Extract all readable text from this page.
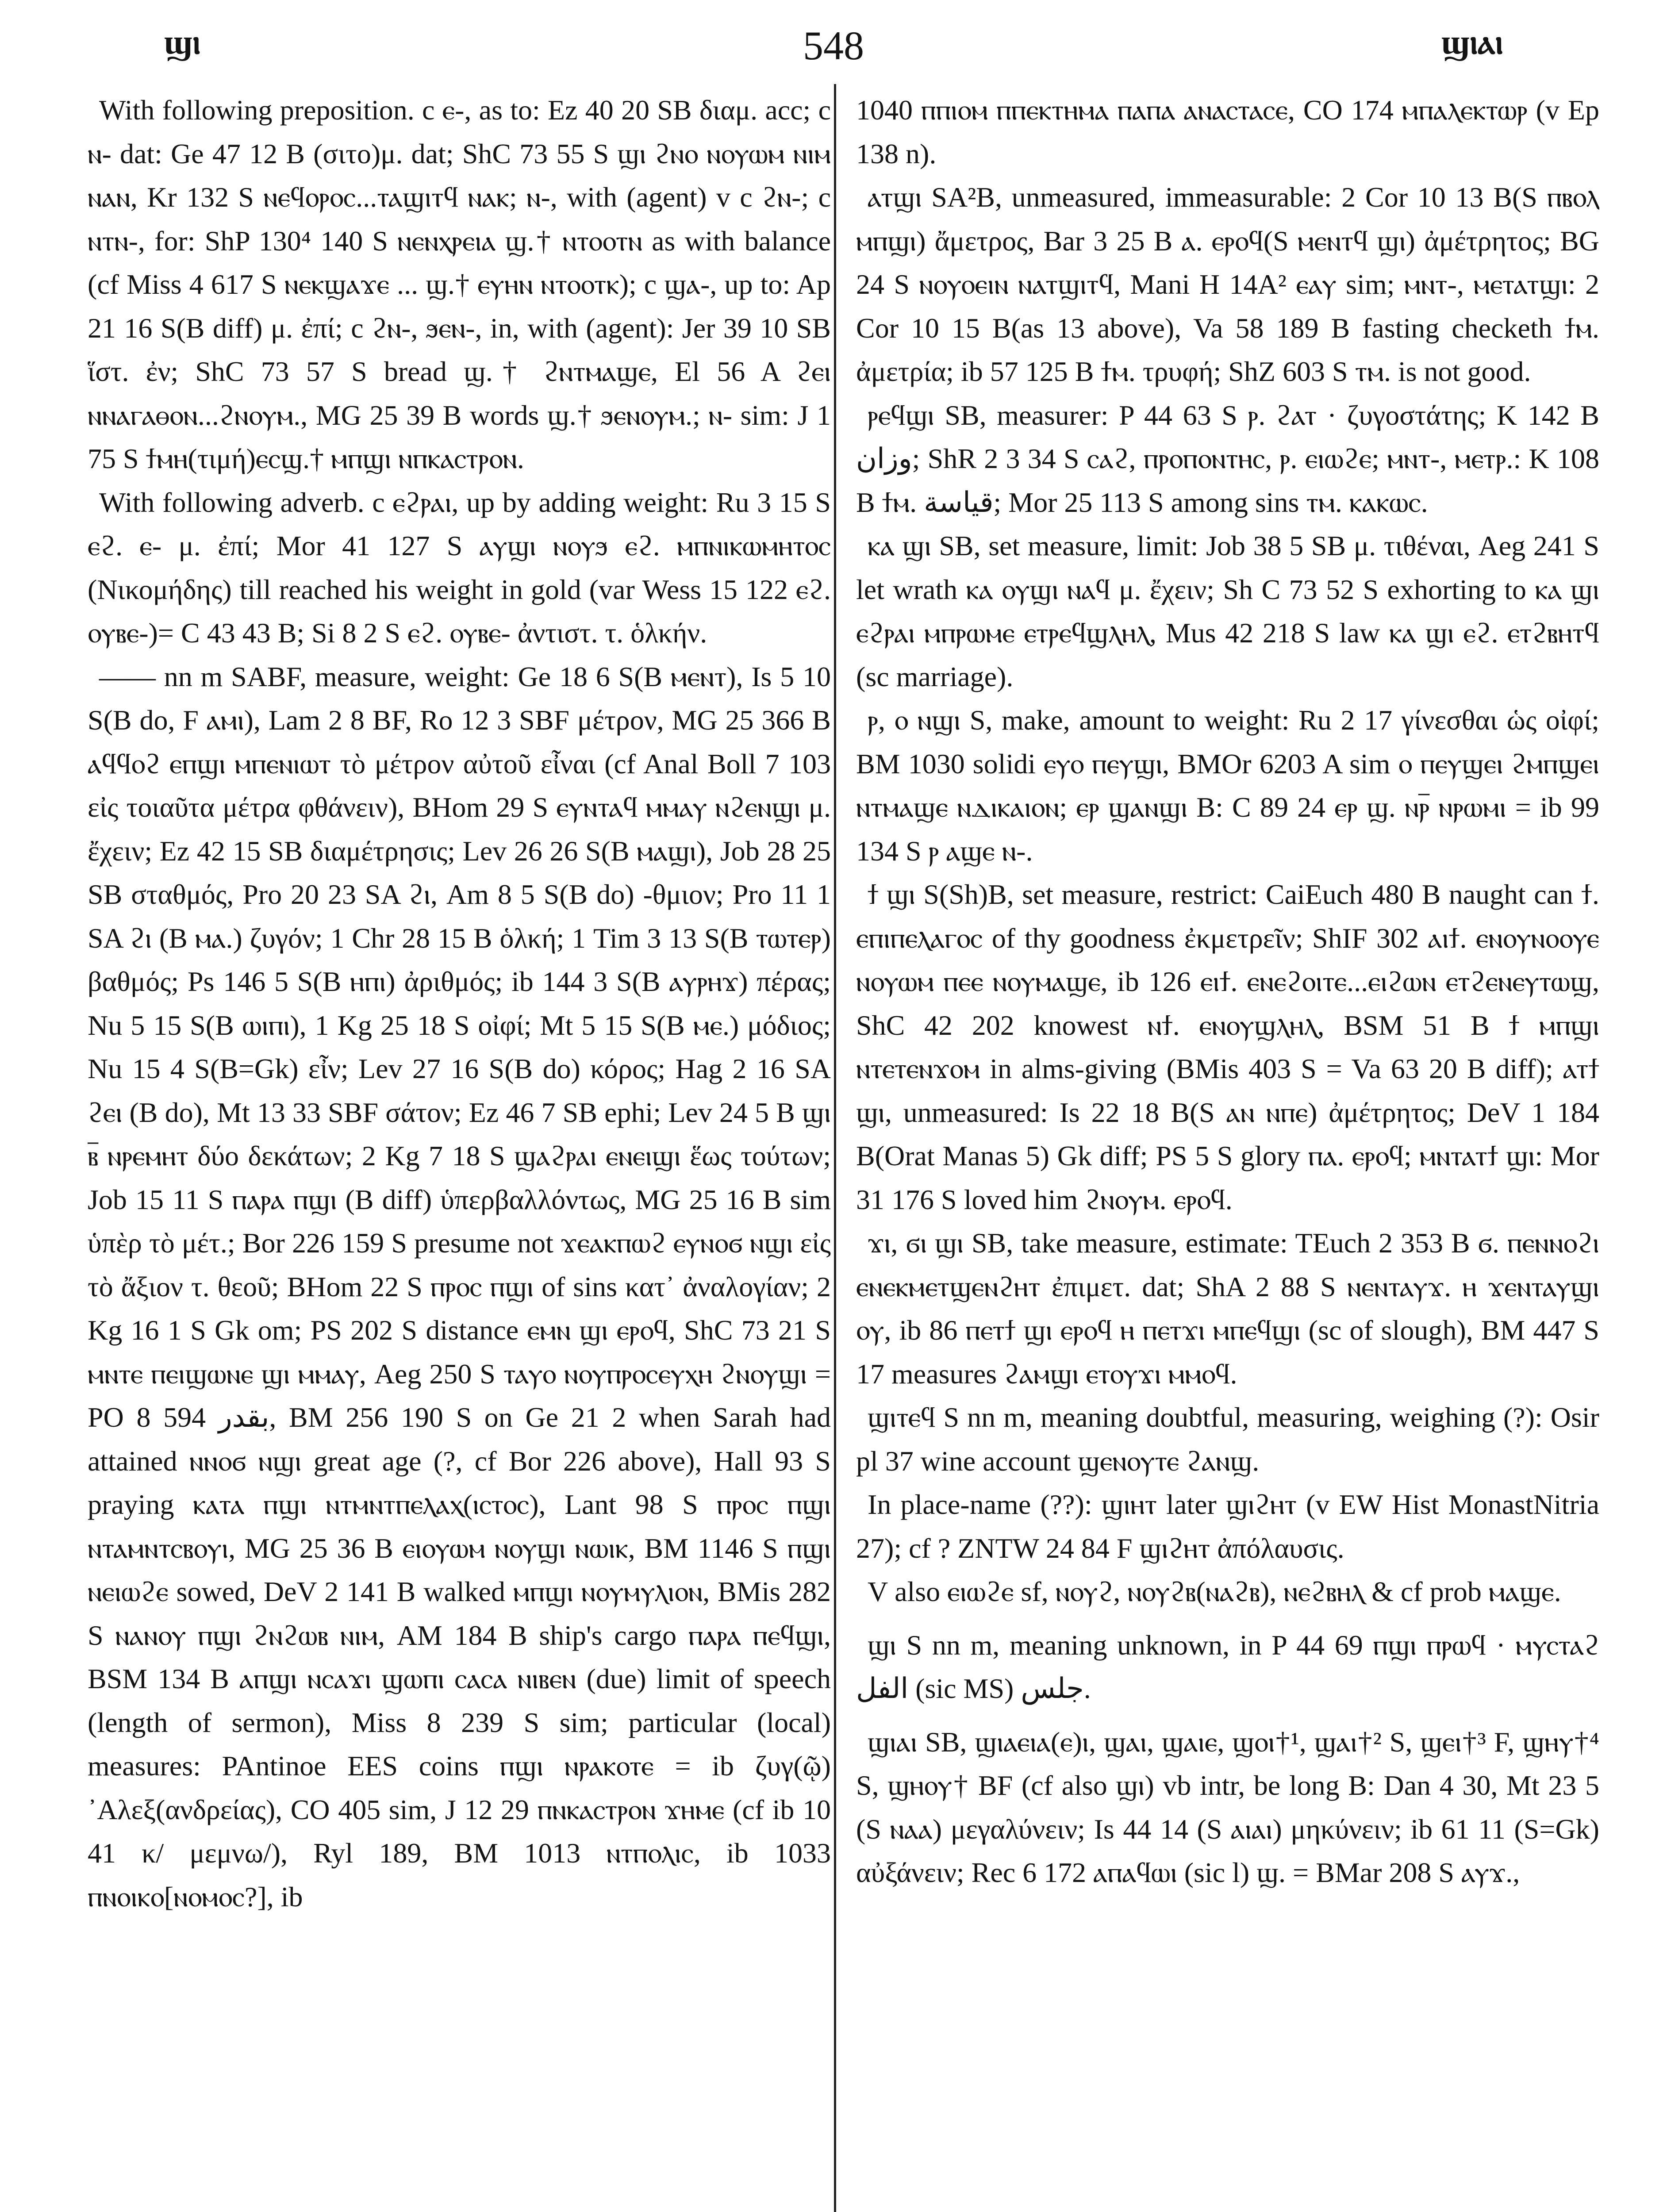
ϣⲓ	548	ϣⲓⲁⲓ

With following preposition. c ⲉ-, as to: Ez 40 20 SB διαμ. acc; c ⲛ- dat: Ge 47 12 B (σιτο)μ. dat; ShC 73 55 S ϣⲓ ϩⲛⲟ ⲛⲟⲩⲱⲙ ⲛⲓⲙ ⲛⲁⲛ, Kr 132 S ⲛⲉϥⲟⲣⲟⲥ...ⲧⲁϣⲓⲧϥ ⲛⲁⲕ; ⲛ-, with (agent) v c ϩⲛ-; c ⲛⲧⲛ-, for: ShP 130⁴ 140 S ⲛⲉⲛⲭⲣⲉⲓⲁ ϣ.† ⲛⲧⲟⲟⲧⲛ as with balance (cf Miss 4 617 S ⲛⲉⲕϣⲁϫⲉ ... ϣ.† ⲉⲩⲏⲛ ⲛⲧⲟⲟⲧⲕ); c ϣⲁ-, up to: Ap 21 16 S(B diff) μ. ἐπί; c ϩⲛ-, ϧⲉⲛ-, in, with (agent): Jer 39 10 SB ἵστ. ἐν; ShC 73 57 S bread ϣ.† ϩⲛⲧⲙⲁϣⲉ, El 56 A ϩⲉⲓ ⲛⲛⲁⲅⲁⲑⲟⲛ...ϩⲛⲟⲩⲙ., MG 25 39 B words ϣ.† ϧⲉⲛⲟⲩⲙ.; ⲛ- sim: J 1 75 S ϯⲙⲏ(τιμή)ⲉⲥϣ.† ⲙⲡϣⲓ ⲛⲡⲕⲁⲥⲧⲣⲟⲛ.

With following adverb. c ⲉϩⲣⲁⲓ, up by adding weight: Ru 3 15 S ⲉϩ. ⲉ- μ. ἐπί; Mor 41 127 S ⲁⲩϣⲓ ⲛⲟⲩϧ ⲉϩ. ⲙⲡⲛⲓⲕⲱⲙⲏⲧⲟⲥ (Νικομήδης) till reached his weight in gold (var Wess 15 122 ⲉϩ. ⲟⲩⲃⲉ-)= C 43 43 B; Si 8 2 S ⲉϩ. ⲟⲩⲃⲉ- ἀντιστ. τ. ὁλκήν.

—— nn m SABF, measure, weight: Ge 18 6 S(B ⲙⲉⲛⲧ), Is 5 10 S(B do, F ⲁⲙⲓ), Lam 2 8 BF, Ro 12 3 SBF μέτρον, MG 25 366 B ⲁϥϥⲟϩ ⲉⲡϣⲓ ⲙⲡⲉⲛⲓⲱⲧ τὸ μέτρον αὐτοῦ εἶναι (cf Anal Boll 7 103 εἰς τοιαῦτα μέτρα φθάνειν), BHom 29 S ⲉⲩⲛⲧⲁϥ ⲙⲙⲁⲩ ⲛϩⲉⲛϣⲓ μ. ἔχειν; Ez 42 15 SB διαμέτρησις; Lev 26 26 S(B ⲙⲁϣⲓ), Job 28 25 SB σταθμός, Pro 20 23 SA ϩⲓ, Am 8 5 S(B do) -θμιον; Pro 11 1 SA ϩⲓ (B ⲙⲁ.) ζυγόν; 1 Chr 28 15 B ὁλκή; 1 Tim 3 13 S(B ⲧⲱⲧⲉⲣ) βαθμός; Ps 146 5 S(B ⲏⲡⲓ) ἀριθμός; ib 144 3 S(B ⲁⲩⲣⲏϫ) πέρας; Nu 5 15 S(B ⲱⲓⲡⲓ), 1 Kg 25 18 S οἰφί; Mt 5 15 S(B ⲙⲉ.) μόδιος; Nu 15 4 S(B=Gk) εἶν; Lev 27 16 S(B do) κόρος; Hag 2 16 SA ϩⲉⲓ (B do), Mt 13 33 SBF σάτον; Ez 46 7 SB ephi; Lev 24 5 B ϣⲓ ⲃ̅ ⲛⲣⲉⲙⲏⲧ δύο δεκάτων; 2 Kg 7 18 S ϣⲁϩⲣⲁⲓ ⲉⲛⲉⲓϣⲓ ἕως τούτων; Job 15 11 S ⲡⲁⲣⲁ ⲡϣⲓ (B diff) ὑπερβαλλόντως, MG 25 16 B sim ὑπὲρ τὸ μέτ.; Bor 226 159 S presume not ϫⲉⲁⲕⲡⲱϩ ⲉⲩⲛⲟϭ ⲛϣⲓ εἰς τὸ ἄξιον τ. θεοῦ; BHom 22 S ⲡⲣⲟⲥ ⲡϣⲓ of sins κατ᾽ ἀναλογίαν; 2 Kg 16 1 S Gk om; PS 202 S distance ⲉⲙⲛ ϣⲓ ⲉⲣⲟϥ, ShC 73 21 S ⲙⲛⲧⲉ ⲡⲉⲓϣⲱⲛⲉ ϣⲓ ⲙⲙⲁⲩ, Aeg 250 S ⲧⲁⲩⲟ ⲛⲟⲩⲡⲣⲟⲥⲉⲩⲭⲏ ϩⲛⲟⲩϣⲓ = PO 8 594 بقدر, BM 256 190 S on Ge 21 2 when Sarah had attained ⲛⲛⲟϭ ⲛϣⲓ great age (?, cf Bor 226 above), Hall 93 S praying ⲕⲁⲧⲁ ⲡϣⲓ ⲛⲧⲙⲛⲧⲡⲉⲗⲁⲭ(ⲓⲥⲧⲟⲥ), Lant 98 S ⲡⲣⲟⲥ ⲡϣⲓ ⲛⲧⲁⲙⲛⲧⲥⲃⲟⲩⲓ, MG 25 36 B ⲉⲓⲟⲩⲱⲙ ⲛⲟⲩϣⲓ ⲛⲱⲓⲕ, BM 1146 S ⲡϣⲓ ⲛⲉⲓⲱϩⲉ sowed, DeV 2 141 B walked ⲙⲡϣⲓ ⲛⲟⲩⲙⲩⲗⲓⲟⲛ, BMis 282 S ⲛⲁⲛⲟⲩ ⲡϣⲓ ϩⲛϩⲱⲃ ⲛⲓⲙ, AM 184 B ship's cargo ⲡⲁⲣⲁ ⲡⲉϥϣⲓ, BSM 134 B ⲁⲡϣⲓ ⲛⲥⲁϫⲓ ϣⲱⲡⲓ ⲥⲁⲥⲁ ⲛⲓⲃⲉⲛ (due) limit of speech (length of sermon), Miss 8 239 S sim; particular (local) measures: PAntinoe EES coins ⲡϣⲓ ⲛⲣⲁⲕⲟⲧⲉ = ib ζυγ(ῷ) ᾽Αλεξ(ανδρείας), CO 405 sim, J 12 29 ⲡⲛⲕⲁⲥⲧⲣⲟⲛ ϫⲏⲙⲉ (cf ib 10 41 κ/ μεμνω/), Ryl 189, BM 1013 ⲛⲧⲡⲟⲗⲓⲥ, ib 1033 ⲡⲛⲟⲓⲕⲟ[ⲛⲟⲙⲟⲥ?], ib

1040 ⲡⲡⲓⲟⲙ ⲡⲡⲉⲕⲧⲏⲙⲁ ⲡⲁⲡⲁ ⲁⲛⲁⲥⲧⲁⲥⲉ, CO 174 ⲙⲡⲁⲗⲉⲕⲧⲱⲣ (v Ep 138 n).

ⲁⲧϣⲓ SA²B, unmeasured, immeasurable: 2 Cor 10 13 B(S ⲡⲃⲟⲗ ⲙⲡϣⲓ) ἄμετρος, Bar 3 25 B ⲁ. ⲉⲣⲟϥ(S ⲙⲉⲛⲧϥ ϣⲓ) ἀμέτρητος; BG 24 S ⲛⲟⲩⲟⲉⲓⲛ ⲛⲁⲧϣⲓⲧϥ, Mani H 14A² ⲉⲁⲩ sim; ⲙⲛⲧ-, ⲙⲉⲧⲁⲧϣⲓ: 2 Cor 10 15 B(as 13 above), Va 58 189 B fasting checketh ϯⲙ. ἀμετρία; ib 57 125 B ϯⲙ. τρυφή; ShZ 603 S ⲧⲙ. is not good.

ⲣⲉϥϣⲓ SB, measurer: P 44 63 S ⲣ. ϩⲁⲧ · ζυγοστάτης; K 142 B وزان; ShR 2 3 34 S ⲥⲁϩ, ⲡⲣⲟⲡⲟⲛⲧⲏⲥ, ⲣ. ⲉⲓⲱϩⲉ; ⲙⲛⲧ-, ⲙⲉⲧⲣ.: K 108 B ϯⲙ. قياسة; Mor 25 113 S among sins ⲧⲙ. ⲕⲁⲕⲱⲥ.

ⲕⲁ ϣⲓ SB, set measure, limit: Job 38 5 SB μ. τιθέναι, Aeg 241 S let wrath ⲕⲁ ⲟⲩϣⲓ ⲛⲁϥ μ. ἔχειν; Sh C 73 52 S exhorting to ⲕⲁ ϣⲓ ⲉϩⲣⲁⲓ ⲙⲡⲣⲱⲙⲉ ⲉⲧⲣⲉϥϣⲗⲏⲗ, Mus 42 218 S law ⲕⲁ ϣⲓ ⲉϩ. ⲉⲧϩⲃⲏⲧϥ (sc marriage).

ⲣ, ⲟ ⲛϣⲓ S, make, amount to weight: Ru 2 17 γίνεσθαι ὡς οἰφί; BM 1030 solidi ⲉⲩⲟ ⲡⲉⲩϣⲓ, BMOr 6203 A sim ⲟ ⲡⲉⲩϣⲉⲓ ϩⲙⲡϣⲉⲓ ⲛⲧⲙⲁϣⲉ ⲛⲇⲓⲕⲁⲓⲟⲛ; ⲉⲣ ϣⲁⲛϣⲓ B: C 89 24 ⲉⲣ ϣ. ⲛⲣ̅ ⲛⲣⲱⲙⲓ = ib 99 134 S ⲣ ⲁϣⲉ ⲛ-.

ϯ ϣⲓ S(Sh)B, set measure, restrict: CaiEuch 480 B naught can ϯ. ⲉⲡⲓⲡⲉⲗⲁⲅⲟⲥ of thy goodness ἐκμετρεῖν; ShIF 302 ⲁⲓϯ. ⲉⲛⲟⲩⲛⲟⲟⲩⲉ ⲛⲟⲩⲱⲙ ⲡⲉⲉ ⲛⲟⲩⲙⲁϣⲉ, ib 126 ⲉⲓϯ. ⲉⲛⲉϩⲟⲓⲧⲉ...ⲉⲓϩⲱⲛ ⲉⲧϩⲉⲛⲉⲩⲧⲱϣ, ShC 42 202 knowest ⲛϯ. ⲉⲛⲟⲩϣⲗⲏⲗ, BSM 51 B ϯ ⲙⲡϣⲓ ⲛⲧⲉⲧⲉⲛϫⲟⲙ in alms-giving (BMis 403 S = Va 63 20 B diff); ⲁⲧϯ ϣⲓ, unmeasured: Is 22 18 B(S ⲁⲛ ⲛⲡⲉ) ἀμέτρητος; DeV 1 184 B(Orat Manas 5) Gk diff; PS 5 S glory ⲡⲁ. ⲉⲣⲟϥ; ⲙⲛⲧⲁⲧϯ ϣⲓ: Mor 31 176 S loved him ϩⲛⲟⲩⲙ. ⲉⲣⲟϥ.

ϫⲓ, ϭⲓ ϣⲓ SB, take measure, estimate: TEuch 2 353 B ϭ. ⲡⲉⲛⲛⲟϩⲓ ⲉⲛⲉⲕⲙⲉⲧϣⲉⲛϩⲏⲧ ἐπιμετ. dat; ShA 2 88 S ⲛⲉⲛⲧⲁⲩϫ. ⲏ ϫⲉⲛⲧⲁⲩϣⲓ ⲟⲩ, ib 86 ⲡⲉⲧϯ ϣⲓ ⲉⲣⲟϥ ⲏ ⲡⲉⲧϫⲓ ⲙⲡⲉϥϣⲓ (sc of slough), BM 447 S 17 measures ϩⲁⲙϣⲓ ⲉⲧⲟⲩϫⲓ ⲙⲙⲟϥ.

ϣⲓⲧⲉϥ S nn m, meaning doubtful, measuring, weighing (?): Osir pl 37 wine account ϣⲉⲛⲟⲩⲧⲉ ϩⲁⲛϣ.

In place-name (??): ϣⲓⲏⲧ later ϣⲓϩⲏⲧ (v EW Hist MonastNitria 27); cf ? ZNTW 24 84 F ϣⲓϩⲏⲧ ἀπόλαυσις.

V also ⲉⲓⲱϩⲉ sf, ⲛⲟⲩϩ, ⲛⲟⲩϩⲃ(ⲛⲁϩⲃ), ⲛⲉϩⲃⲏⲗ & cf prob ⲙⲁϣⲉ.

ϣⲓ S nn m, meaning unknown, in P 44 69 ⲡϣⲓ ⲡⲣⲱϥ · ⲙⲩⲥⲧⲁϩ الفل (sic MS) جلس.

ϣⲓⲁⲓ SB, ϣⲓⲁⲉⲓⲁ(ⲉ)ⲓ, ϣⲁⲓ, ϣⲁⲓⲉ, ϣⲟⲓ†¹, ϣⲁⲓ†² S, ϣⲉⲓ†³ F, ϣⲏⲩ†⁴ S, ϣⲏⲟⲩ† BF (cf also ϣⲓ) vb intr, be long B: Dan 4 30, Mt 23 5 (S ⲛⲁⲁ) μεγαλύνειν; Is 44 14 (S ⲁⲓⲁⲓ) μηκύνειν; ib 61 11 (S=Gk) αὐξάνειν; Rec 6 172 ⲁⲡⲁϥⲱⲓ (sic l) ϣ. = BMar 208 S ⲁⲩϫ.,
